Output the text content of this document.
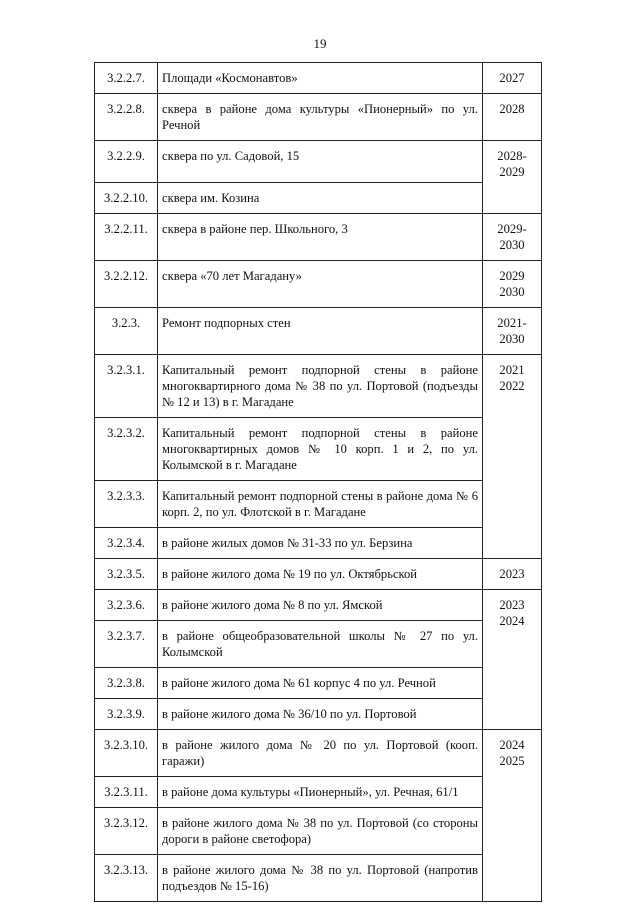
19
3.2.2.7.	Площади «Космонавтов»	2027

3.2.2.8.	сквера в районе дома культуры «Пионерный» по ул. Речной	2028

3.2.2.9.	сквера по ул. Садовой, 15	2028-
2029

3.2.2.10.	сквера им. Козина	
3.2.2.11.	сквера в районе пер. Школьного, 3	2029-
2030

3.2.2.12.	сквера «70 лет Магадану»	2029
2030

3.2.3.	Ремонт подпорных стен	2021-
2030

3.2.3.1.	Капитальный ремонт подпорной стены в районе многоквартирного дома № 38 по ул. Портовой (подъезды № 12 и 13) в г. Магадане	2021
2022

3.2.3.2.	Капитальный ремонт подпорной стены в районе многоквартирных домов № 10 корп. 1 и 2, по ул. Колымской в г. Магадане	
3.2.3.3.	Капитальный ремонт подпорной стены в районе дома № 6 корп. 2, по ул. Флотской в г. Магадане	
3.2.3.4.	в районе жилых домов № 31-33 по ул. Берзина	
3.2.3.5.	в районе жилого дома № 19 по ул. Октябрьской	2023

3.2.3.6.	в районе жилого дома № 8 по ул. Ямской	2023
2024

3.2.3.7.	в районе общеобразовательной школы № 27 по ул. Колымской	
3.2.3.8.	в районе жилого дома № 61 корпус 4 по ул. Речной	
3.2.3.9.	в районе жилого дома № 36/10 по ул. Портовой	
3.2.3.10.	в районе жилого дома № 20 по ул. Портовой (кооп. гаражи)	2024
2025

3.2.3.11.	в районе дома культуры «Пионерный», ул. Речная, 61/1	
3.2.3.12.	в районе жилого дома № 38 по ул. Портовой (со стороны дороги в районе светофора)	
3.2.3.13.	в районе жилого дома № 38 по ул. Портовой (напротив подъездов № 15-16)	
